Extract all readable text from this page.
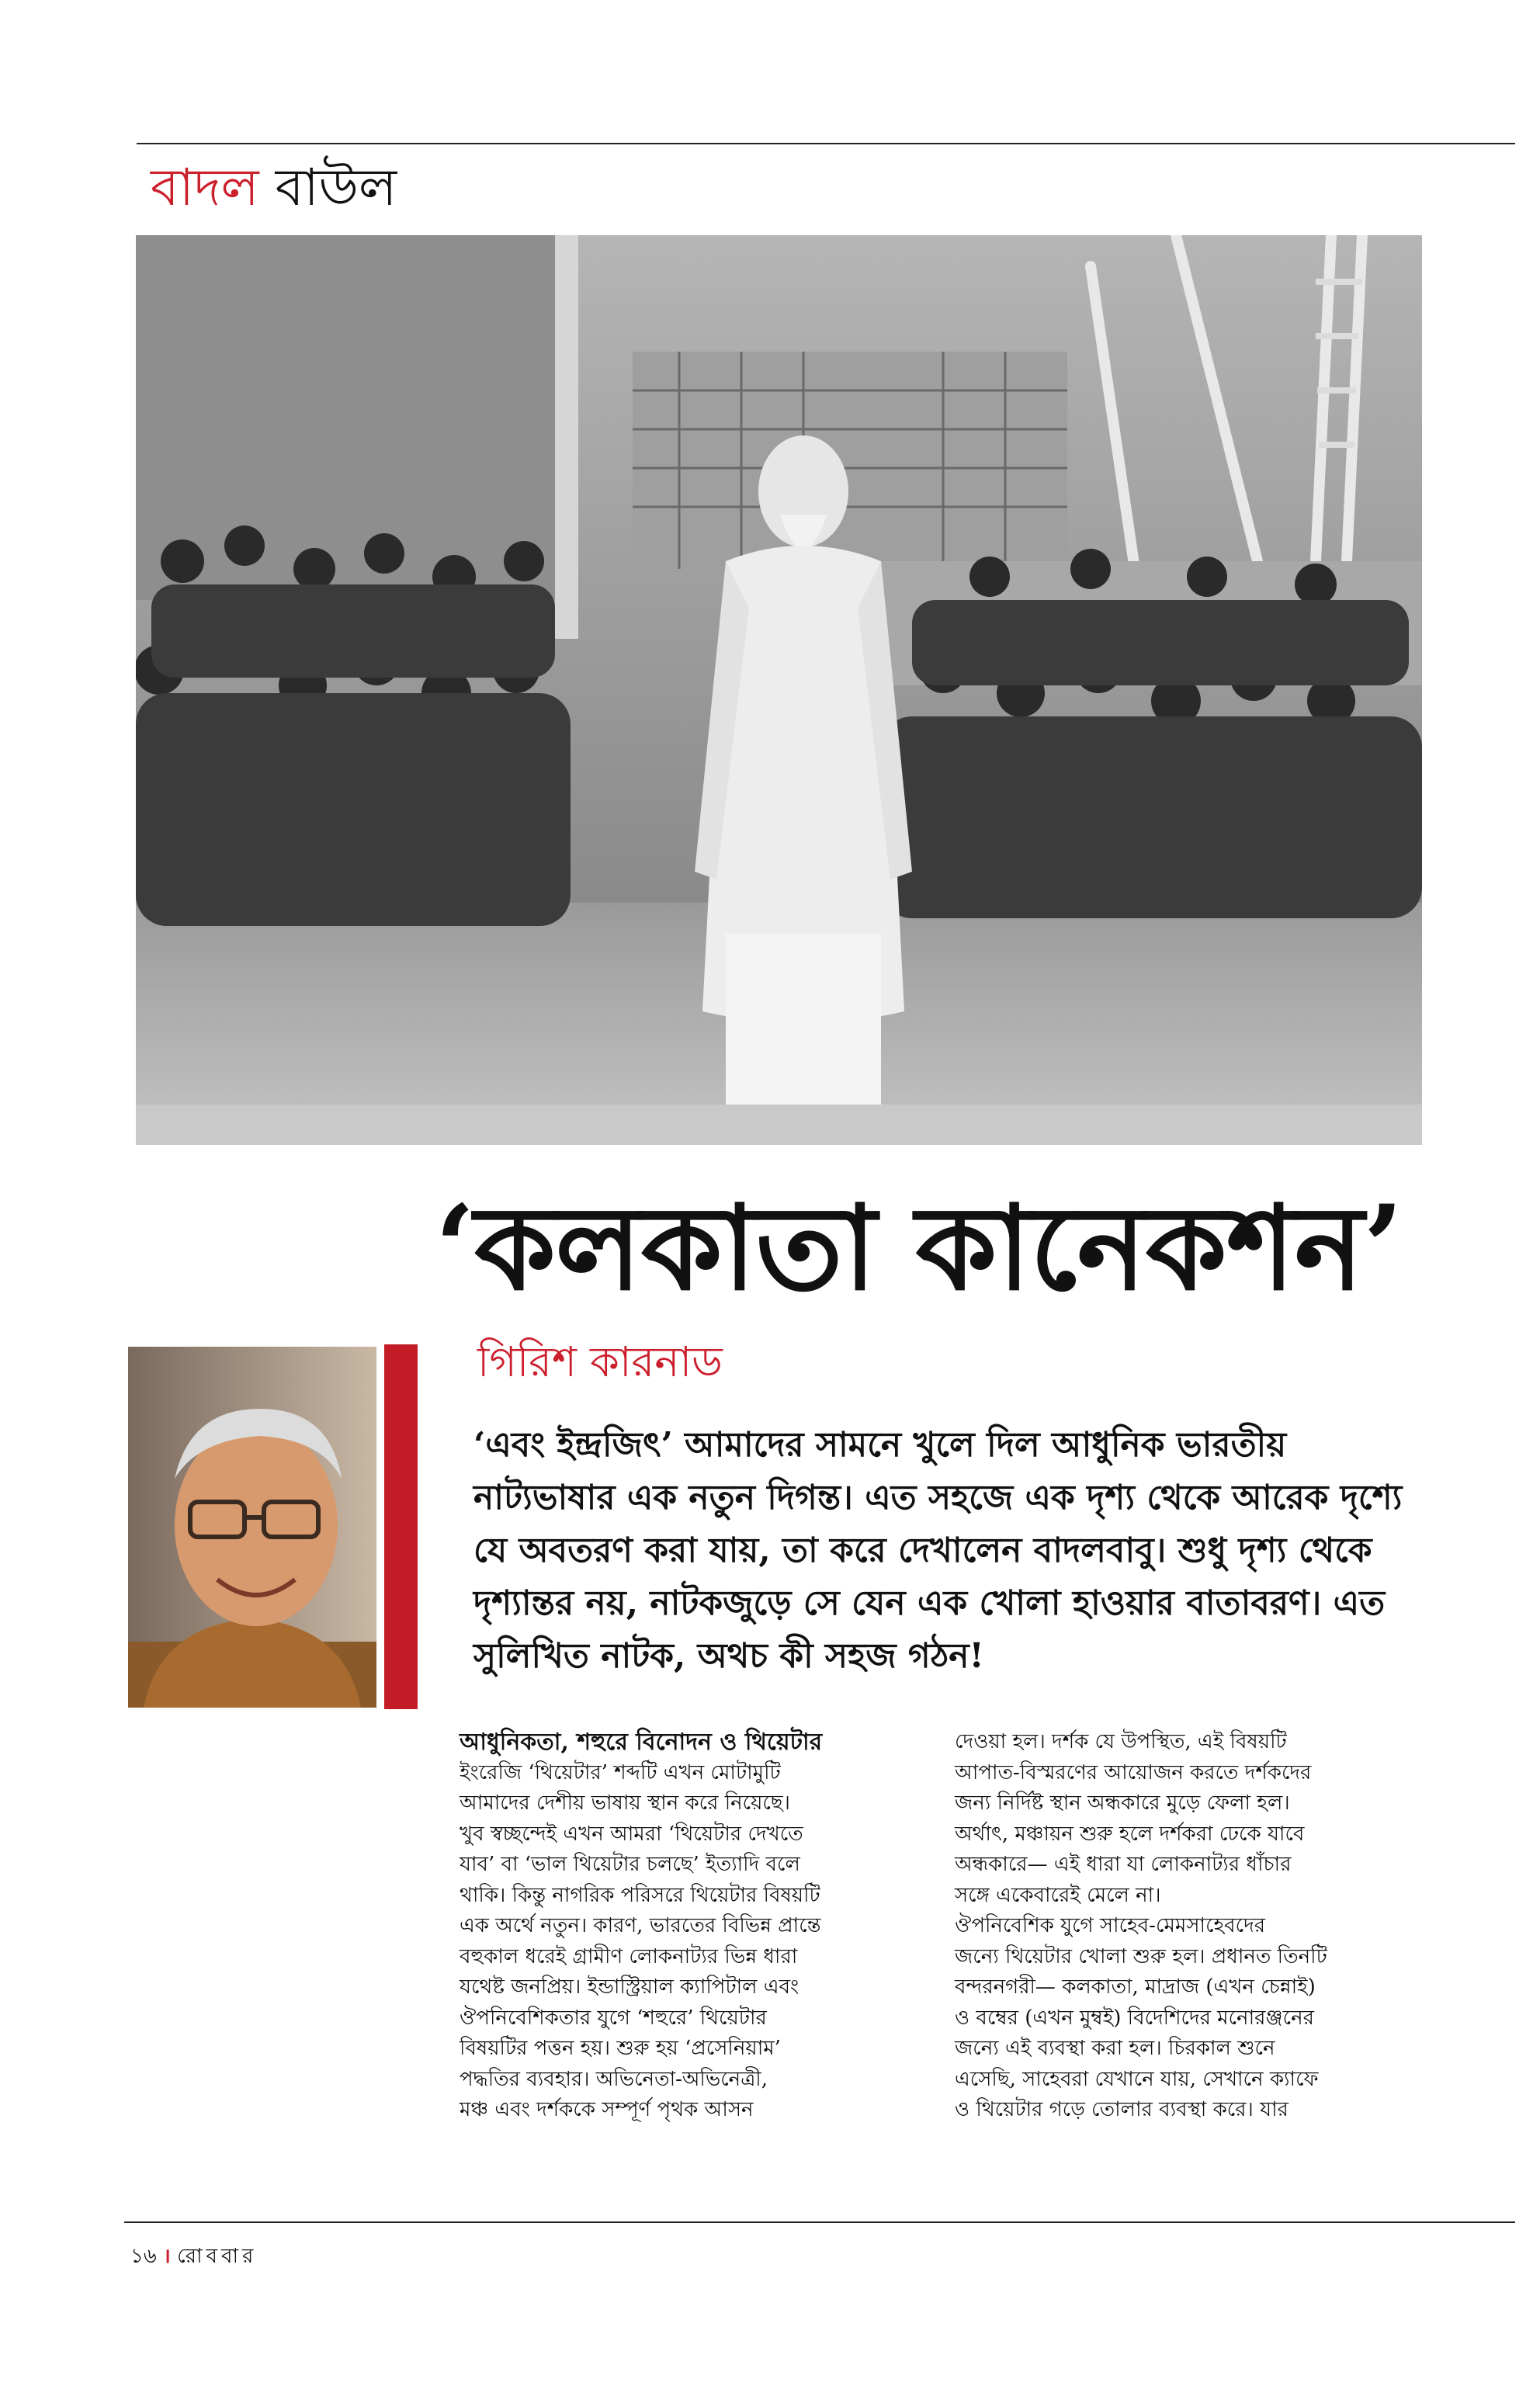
বাদল বাউল
‘কলকাতা কানেকশন’
গিরিশ কারনাড
‘এবং ইন্দ্রজিৎ’ আমাদের সামনে খুলে দিল আধুনিক ভারতীয় নাট্যভাষার এক নতুন দিগন্ত। এত সহজে এক দৃশ্য থেকে আরেক দৃশ্যে যে অবতরণ করা যায়, তা করে দেখালেন বাদলবাবু। শুধু দৃশ্য থেকে দৃশ্যান্তর নয়, নাটকজুড়ে সে যেন এক খোলা হাওয়ার বাতাবরণ। এত সুলিখিত নাটক, অথচ কী সহজ গঠন!
আধুনিকতা, শহুরে বিনোদন ও থিয়েটার
ইংরেজি ‘থিয়েটার’ শব্দটি এখন মোটামুটি
আমাদের দেশীয় ভাষায় স্থান করে নিয়েছে।
খুব স্বচ্ছন্দেই এখন আমরা ‘থিয়েটার দেখতে
যাব’ বা ‘ভাল থিয়েটার চলছে’ ইত্যাদি বলে
থাকি। কিন্তু নাগরিক পরিসরে থিয়েটার বিষয়টি
এক অর্থে নতুন। কারণ, ভারতের বিভিন্ন প্রান্তে
বহুকাল ধরেই গ্রামীণ লোকনাট্যর ভিন্ন ধারা
যথেষ্ট জনপ্রিয়। ইন্ডাস্ট্রিয়াল ক্যাপিটাল এবং
ঔপনিবেশিকতার যুগে ‘শহুরে’ থিয়েটার
বিষয়টির পত্তন হয়। শুরু হয় ‘প্রসেনিয়াম’
পদ্ধতির ব্যবহার। অভিনেতা-অভিনেত্রী,
মঞ্চ এবং দর্শককে সম্পূর্ণ পৃথক আসন
দেওয়া হল। দর্শক যে উপস্থিত, এই বিষয়টি
আপাত-বিস্মরণের আয়োজন করতে দর্শকদের
জন্য নির্দিষ্ট স্থান অন্ধকারে মুড়ে ফেলা হল।
অর্থাৎ, মঞ্চায়ন শুরু হলে দর্শকরা ঢেকে যাবে
অন্ধকারে— এই ধারা যা লোকনাট্যর ধাঁচার
সঙ্গে একেবারেই মেলে না।
ঔপনিবেশিক যুগে সাহেব-মেমসাহেবদের
জন্যে থিয়েটার খোলা শুরু হল। প্রধানত তিনটি
বন্দরনগরী— কলকাতা, মাদ্রাজ (এখন চেন্নাই)
ও বম্বের (এখন মুম্বই) বিদেশিদের মনোরঞ্জনের
জন্যে এই ব্যবস্থা করা হল। চিরকাল শুনে
এসেছি, সাহেবরা যেখানে যায়, সেখানে ক্যাফে
ও থিয়েটার গড়ে তোলার ব্যবস্থা করে। যার
১৬ । রোববার
